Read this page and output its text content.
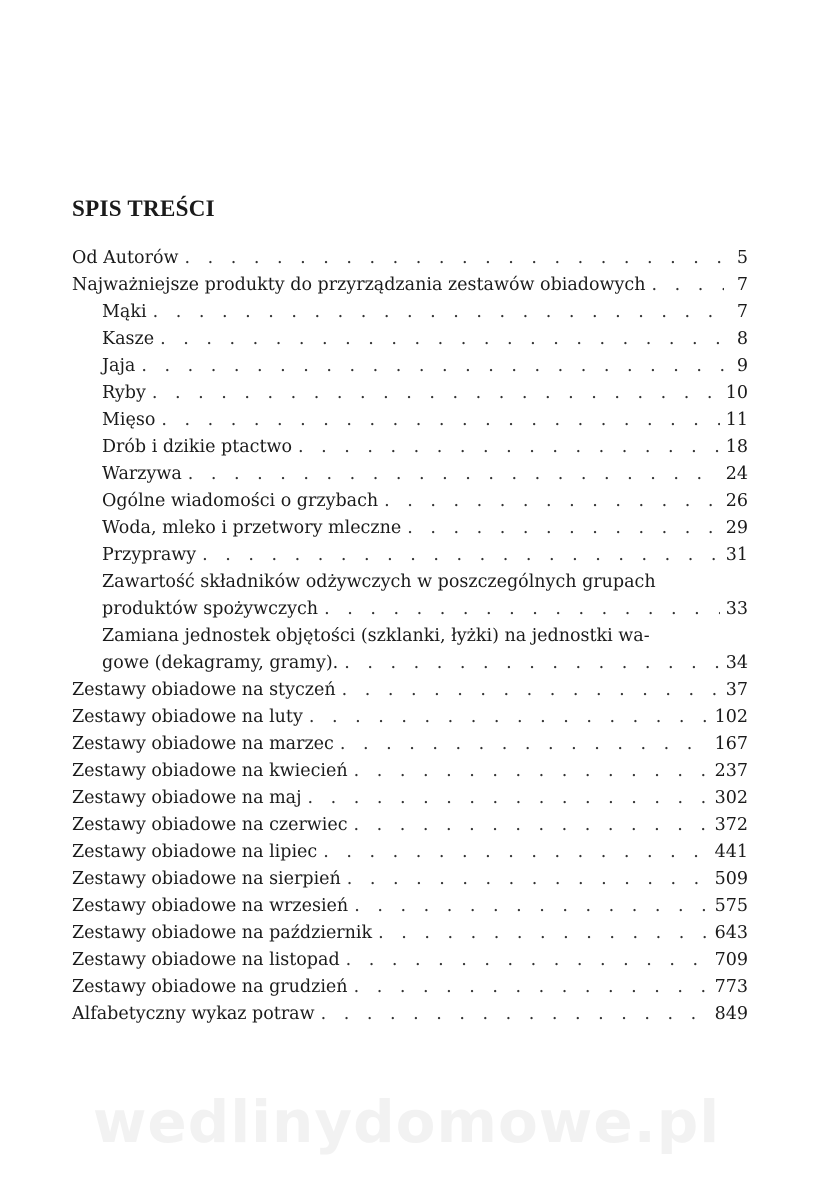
SPIS TREŚCI
Od Autorów . . .	5
Najważniejsze produkty do przyrządzania zestawów obiadowych . . .	7
Mąki . . .	7
Kasze . . .	8
Jaja . . .	9
Ryby . . .	10
Mięso . . .	11
Drób i dzikie ptactwo . . .	18
Warzywa . . .	24
Ogólne wiadomości o grzybach . . .	26
Woda, mleko i przetwory mleczne . . .	29
Przyprawy . . .	31
Zawartość składników odżywczych w poszczególnych grupach
produktów spożywczych . . .	33
Zamiana jednostek objętości (szklanki, łyżki) na jednostki wa-
gowe (dekagramy, gramy). . . .	34
Zestawy obiadowe na styczeń . . .	37
Zestawy obiadowe na luty . . .	102
Zestawy obiadowe na marzec . . .	167
Zestawy obiadowe na kwiecień . . .	237
Zestawy obiadowe na maj . . .	302
Zestawy obiadowe na czerwiec . . .	372
Zestawy obiadowe na lipiec . . .	441
Zestawy obiadowe na sierpień . . .	509
Zestawy obiadowe na wrzesień . . .	575
Zestawy obiadowe na październik . . .	643
Zestawy obiadowe na listopad . . .	709
Zestawy obiadowe na grudzień . . .	773
Alfabetyczny wykaz potraw . . .	849
wedlinydomowe.pl
